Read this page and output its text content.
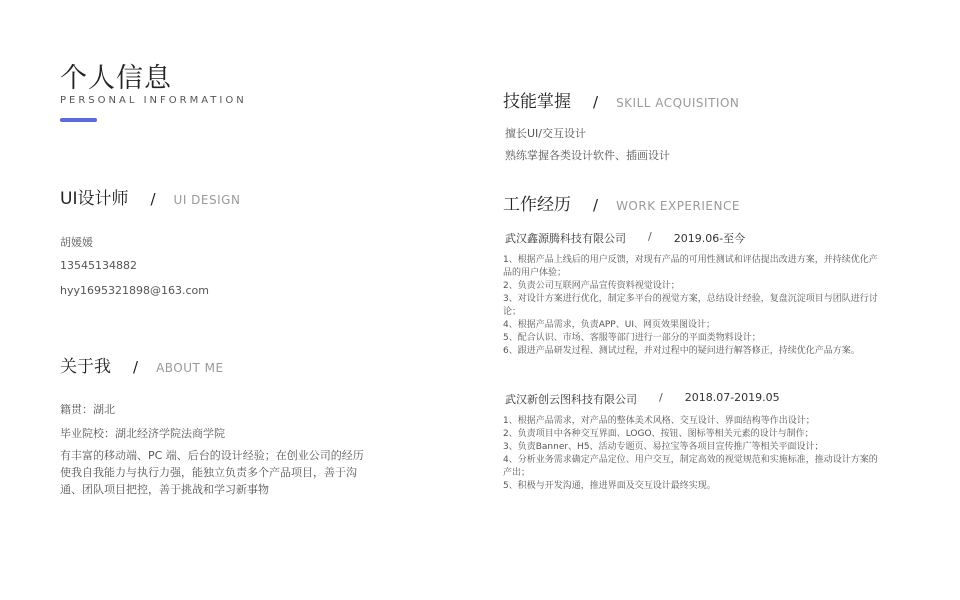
个人信息
PERSONAL INFORMATION
UI设计师 / UI DESIGN
胡媛媛
13545134882
hyy1695321898@163.com
关于我 / ABOUT ME
籍贯：湖北
毕业院校：湖北经济学院法商学院
有丰富的移动端、PC 端、后台的设计经验；在创业公司的经历使我自我能力与执行力强，能独立负责多个产品项目，善于沟通、团队项目把控，善于挑战和学习新事物
技能掌握 / SKILL ACQUISITION
擅长UI/交互设计
熟练掌握各类设计软件、插画设计
工作经历 / WORK EXPERIENCE
武汉鑫源腾科技有限公司 / 2019.06-至今
1、根据产品上线后的用户反馈，对现有产品的可用性测试和评估提出改进方案，并持续优化产品的用户体验；
2、负责公司互联网产品宣传资料视觉设计；
3、对设计方案进行优化，制定多平台的视觉方案，总结设计经验，复盘沉淀项目与团队进行讨论；
4、根据产品需求，负责APP、UI、网页效果图设计；
5、配合认识、市场、客服等部门进行一部分的平面类物料设计；
6、跟进产品研发过程、测试过程，并对过程中的疑问进行解答修正，持续优化产品方案。
武汉新创云图科技有限公司 / 2018.07-2019.05
1、根据产品需求，对产品的整体美术风格、交互设计、界面结构等作出设计；
2、负责项目中各种交互界面、LOGO、按钮、图标等相关元素的设计与制作；
3、负责Banner、H5、活动专题页、易拉宝等各项目宣传推广等相关平面设计；
4、分析业务需求确定产品定位、用户交互，制定高效的视觉规范和实施标准，推动设计方案的产出；
5、积极与开发沟通，推进界面及交互设计最终实现。
